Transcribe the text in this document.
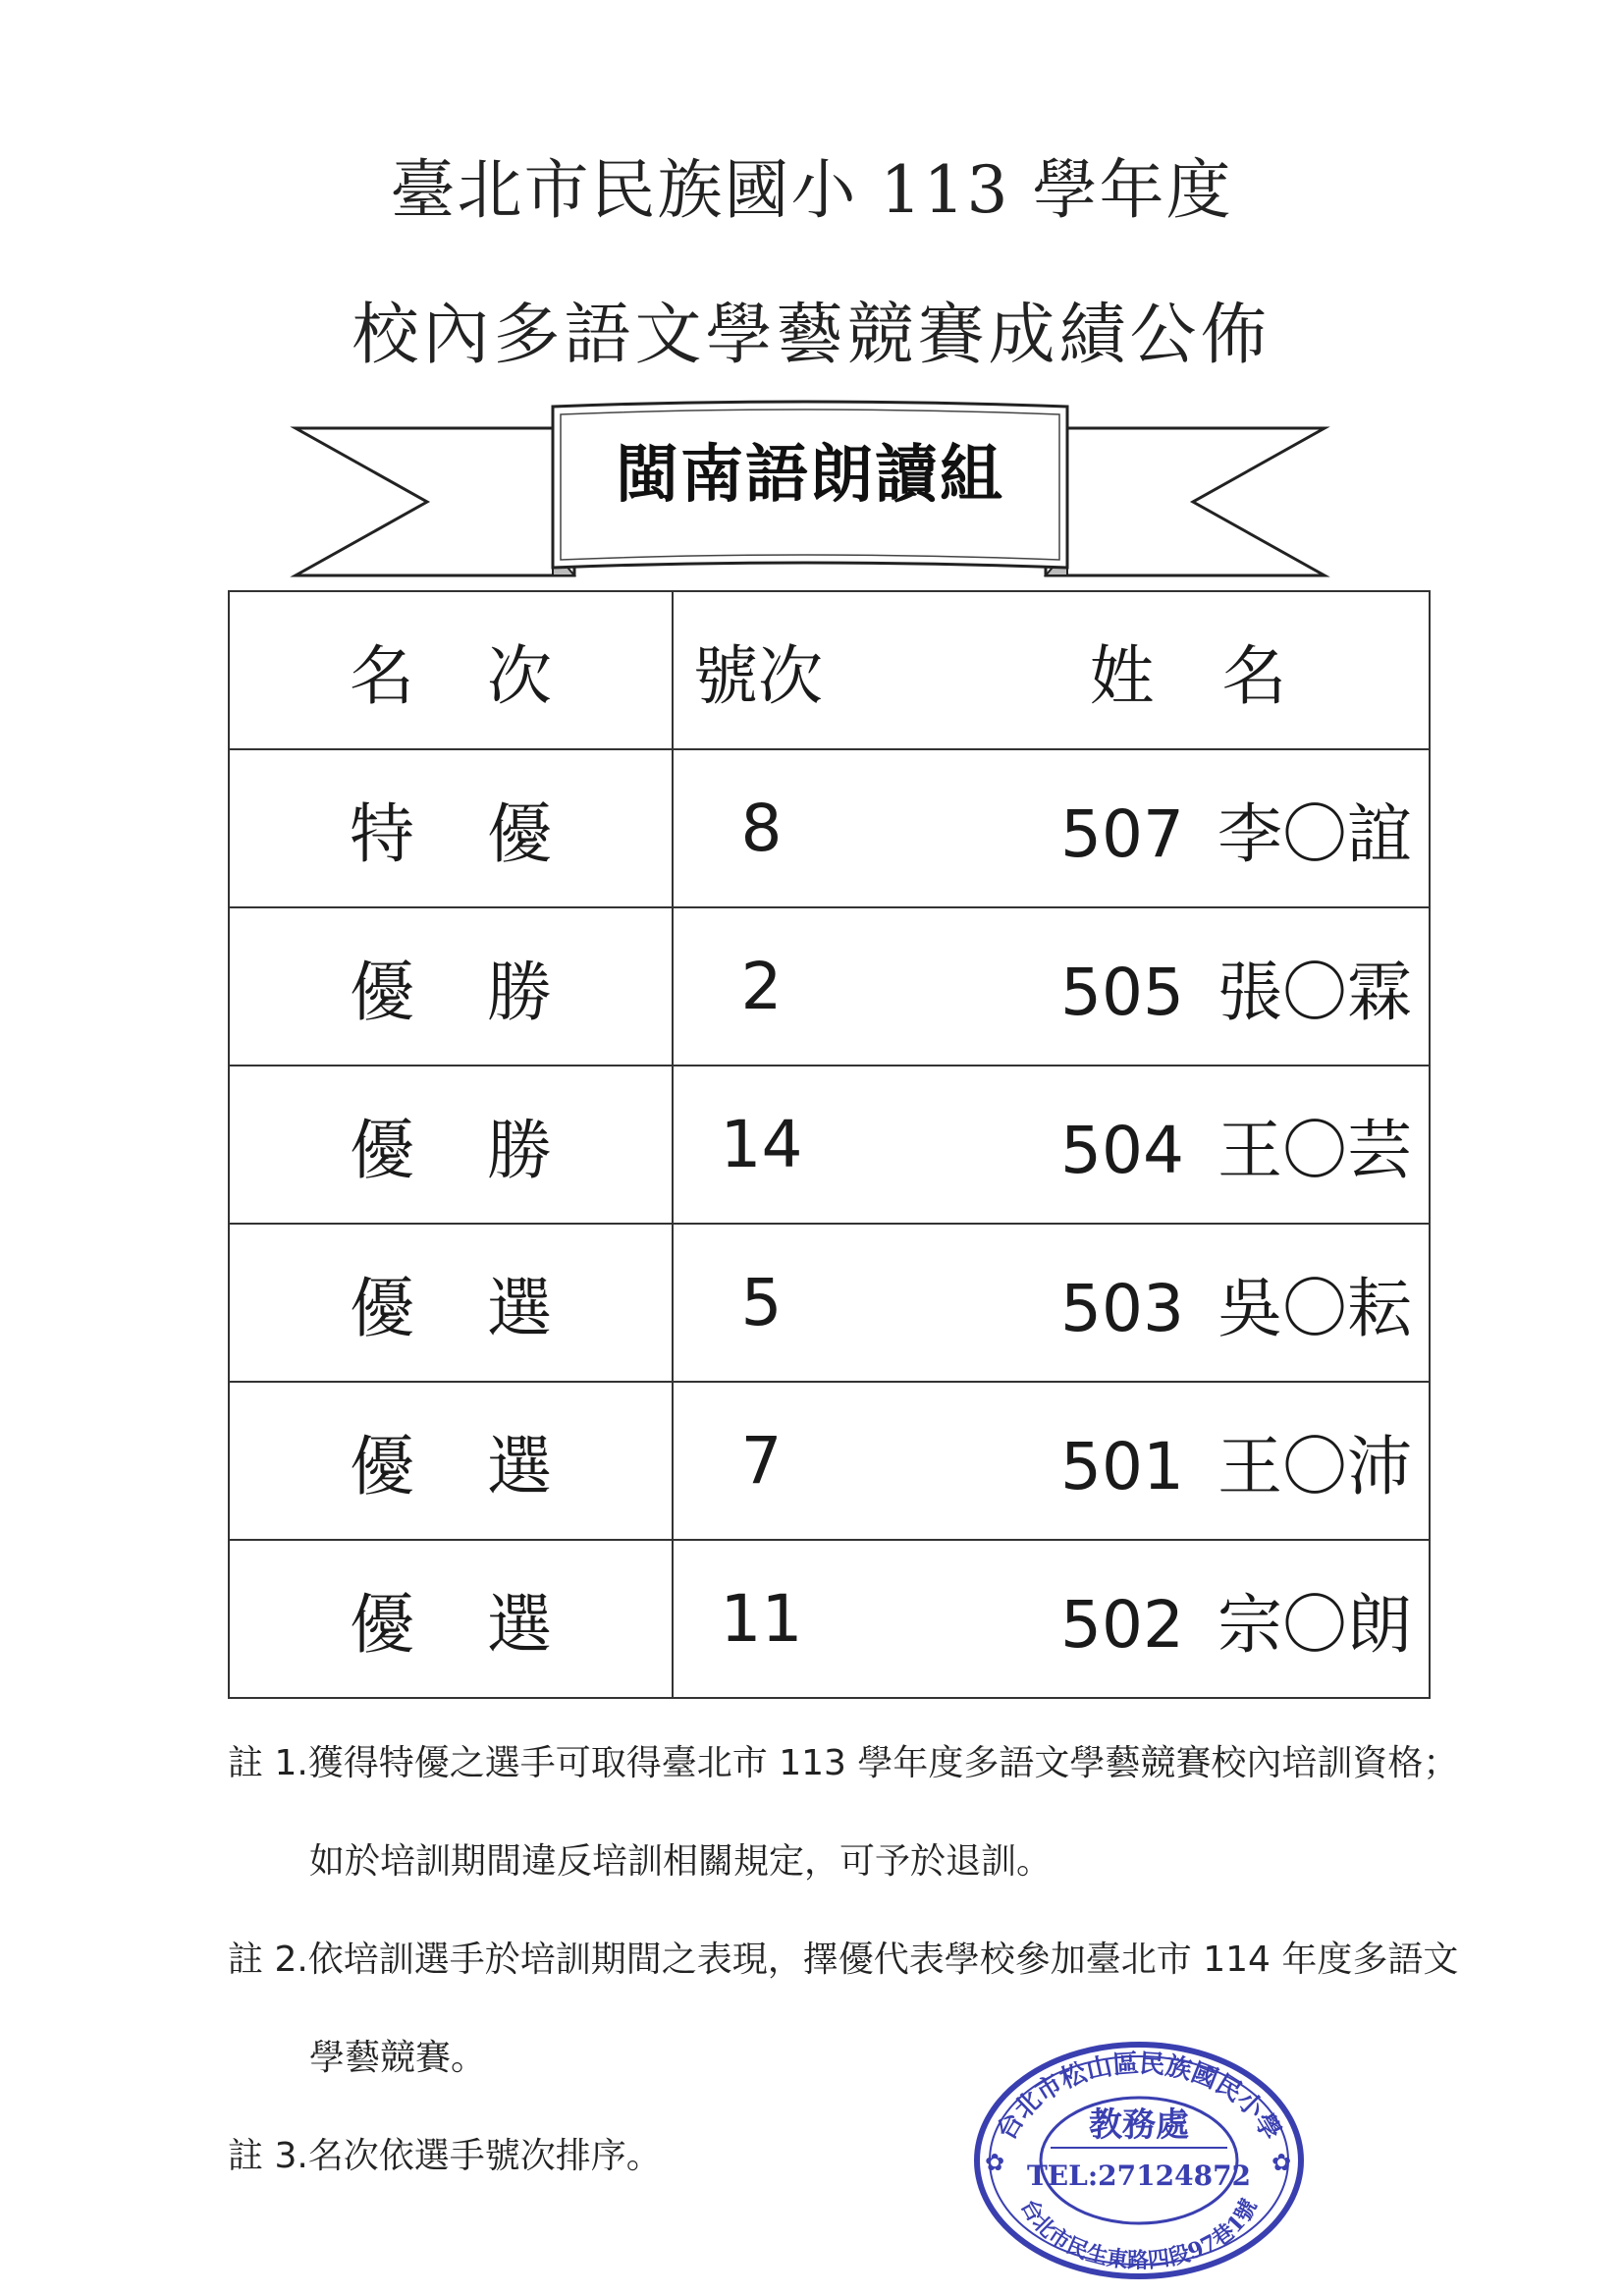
臺北市民族國小 113 學年度
校內多語文學藝競賽成績公佈
閩南語朗讀組
名 次	號次	姓 名
特 優	8	507 李〇誼
優 勝	2	505 張〇霖
優 勝	14	504 王〇芸
優 選	5	503 吳〇耘
優 選	7	501 王〇沛
優 選	11	502 宗〇朗
註 1.獲得特優之選手可取得臺北市 113 學年度多語文學藝競賽校內培訓資格；
如於培訓期間違反培訓相關規定，可予於退訓。
註 2.依培訓選手於培訓期間之表現，擇優代表學校參加臺北市 114 年度多語文
學藝競賽。
註 3.名次依選手號次排序。
台北市松山區民族國民小學
台北市民生東路四段97巷1號
教務處
TEL:27124872
✿	✿
